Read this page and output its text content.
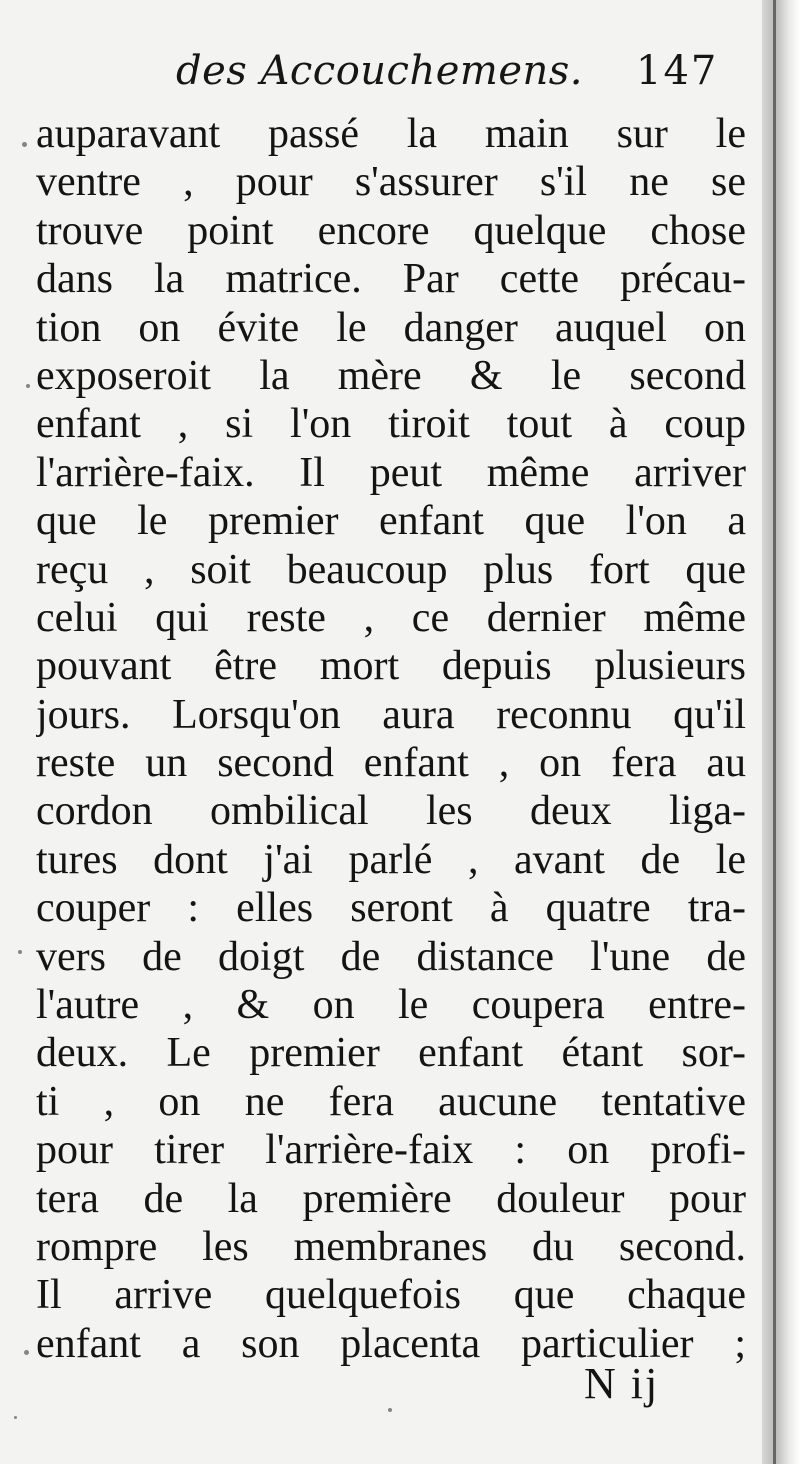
des Accouchemens. 147
auparavant passé la main sur le
ventre , pour s'assurer s'il ne se
trouve point encore quelque chose
dans la matrice. Par cette précau-
tion on évite le danger auquel on
exposeroit la mère & le second
enfant , si l'on tiroit tout à coup
l'arrière-faix. Il peut même arriver
que le premier enfant que l'on a
reçu , soit beaucoup plus fort que
celui qui reste , ce dernier même
pouvant être mort depuis plusieurs
jours. Lorsqu'on aura reconnu qu'il
reste un second enfant , on fera au
cordon ombilical les deux liga-
tures dont j'ai parlé , avant de le
couper : elles seront à quatre tra-
vers de doigt de distance l'une de
l'autre , & on le coupera entre-
deux. Le premier enfant étant sor-
ti , on ne fera aucune tentative
pour tirer l'arrière-faix : on profi-
tera de la première douleur pour
rompre les membranes du second.
Il arrive quelquefois que chaque
enfant a son placenta particulier ;
N ij
